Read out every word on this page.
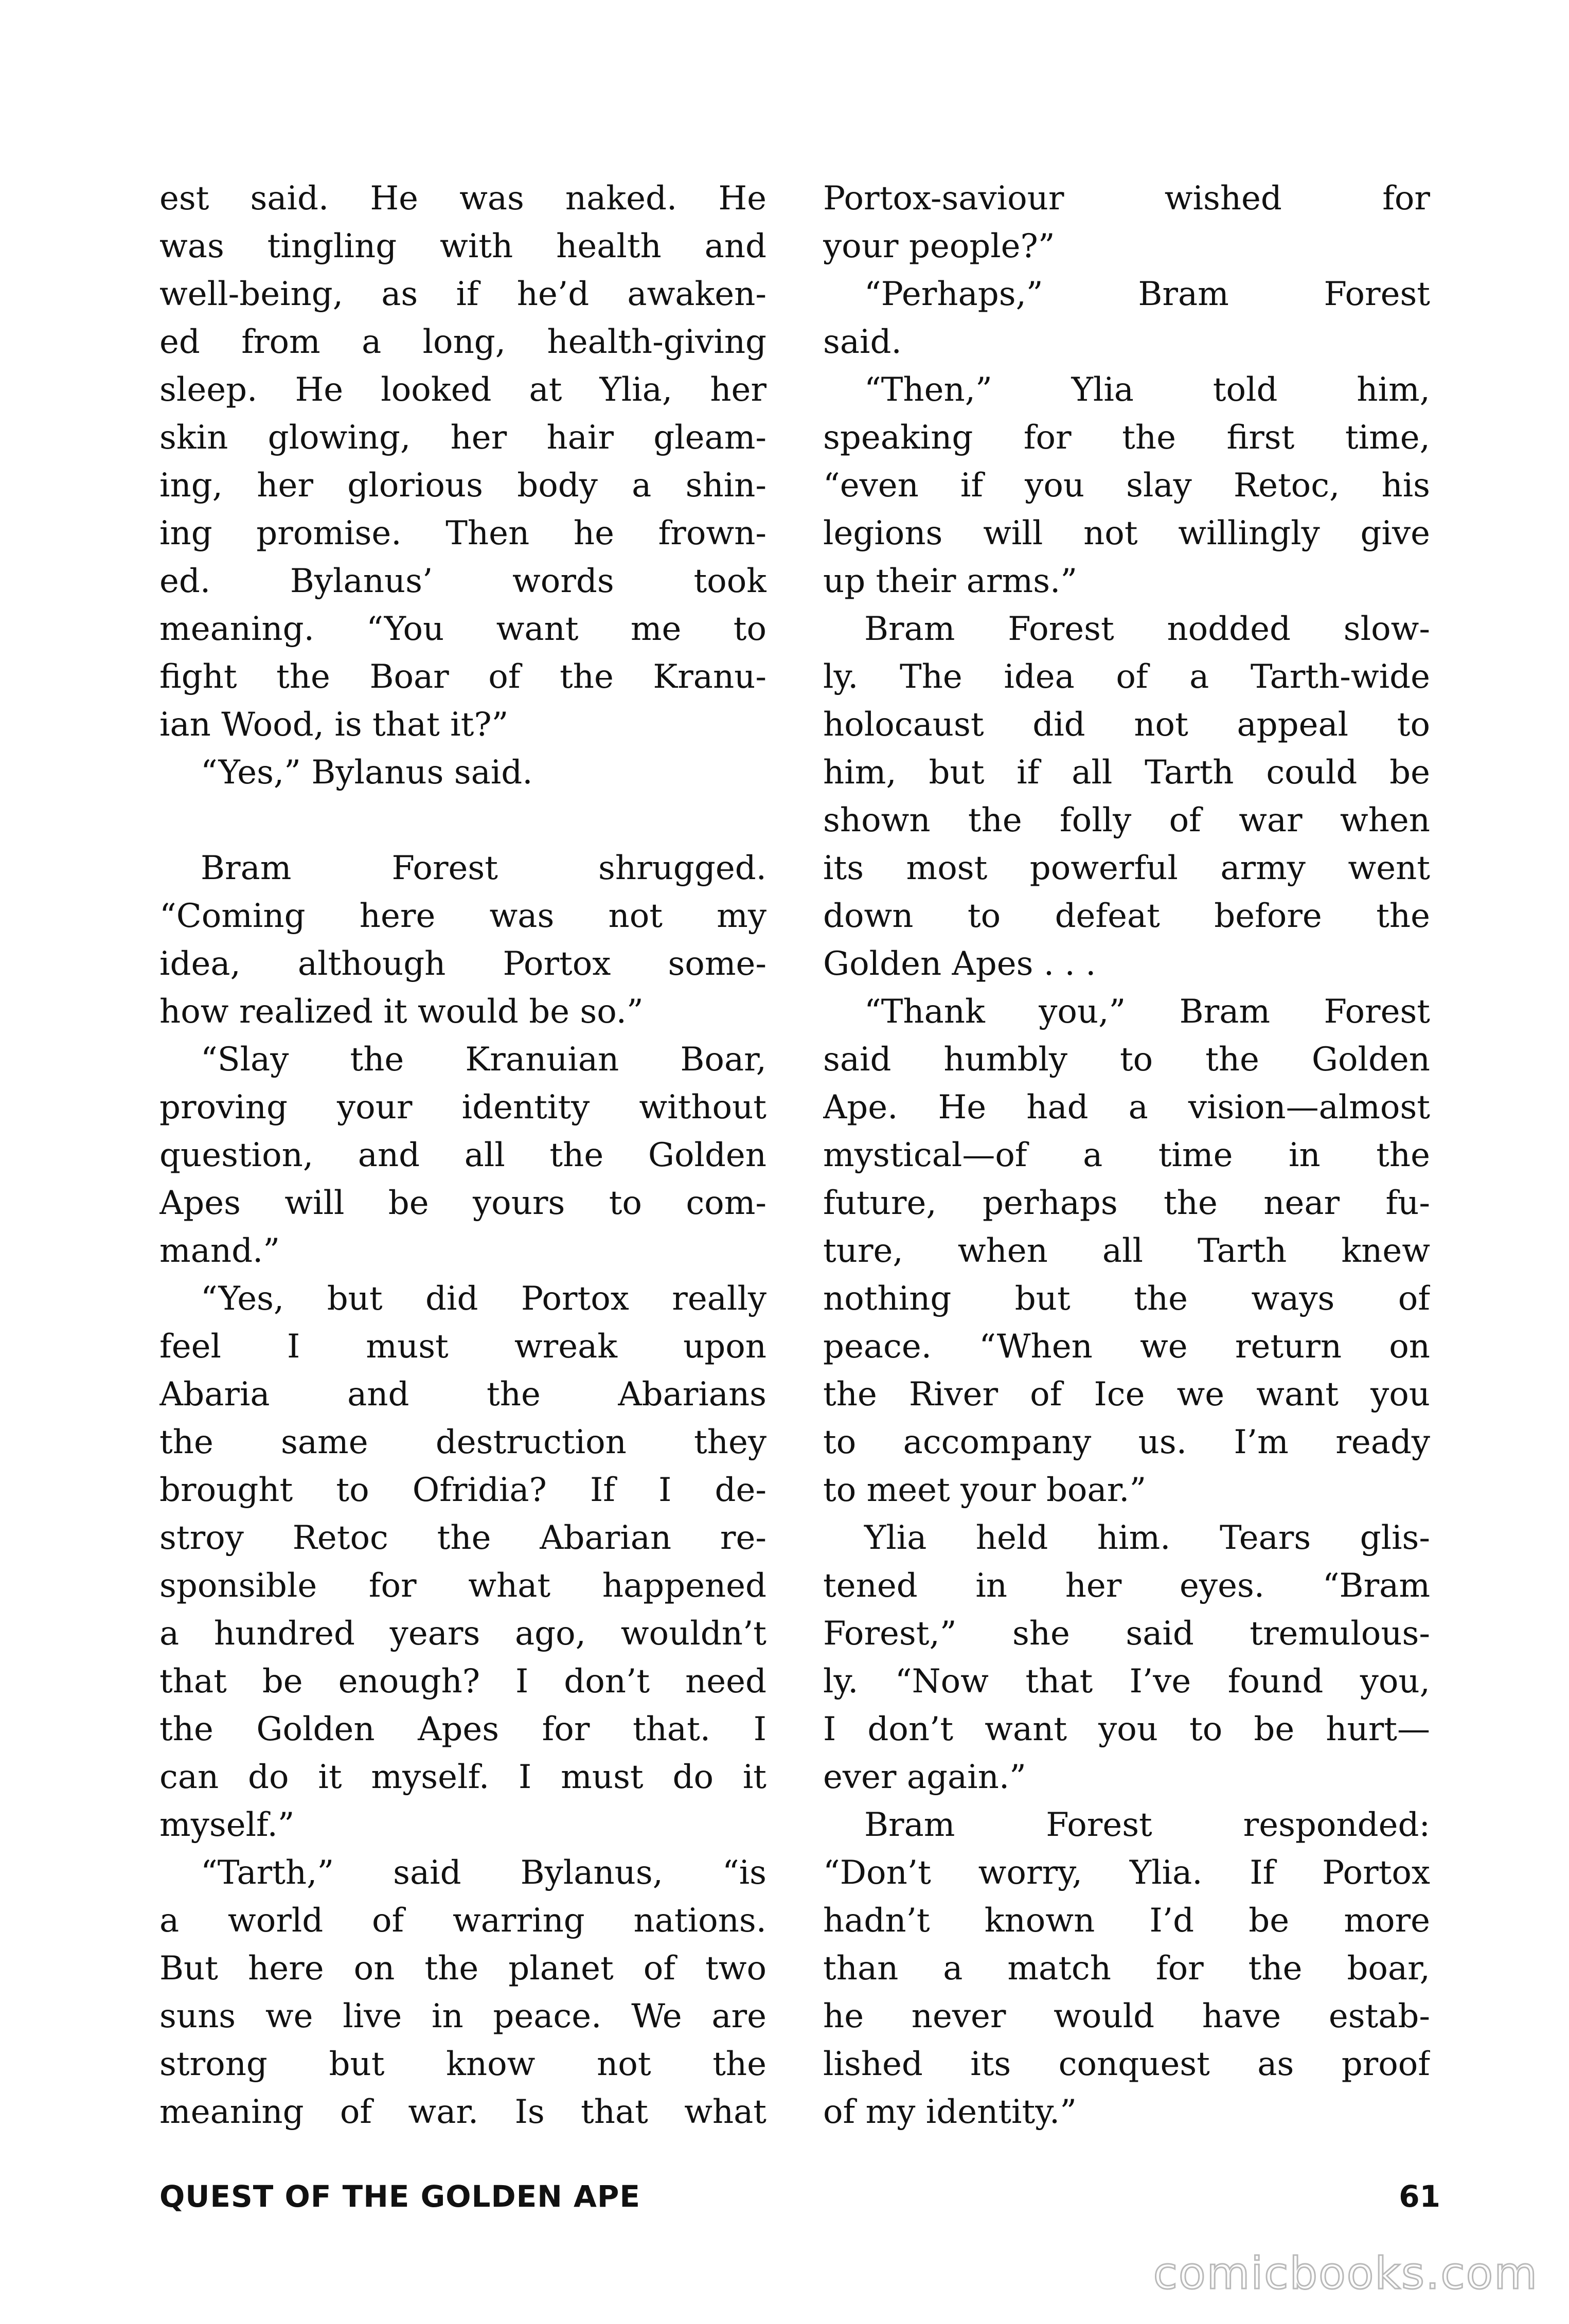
est said. He was naked. He
was tingling with health and
well-being, as if he’d awaken-
ed from a long, health-giving
sleep. He looked at Ylia, her
skin glowing, her hair gleam-
ing, her glorious body a shin-
ing promise. Then he frown-
ed. Bylanus’ words took
meaning. “You want me to
fight the Boar of the Kranu-
ian Wood, is that it?”
“Yes,” Bylanus said.
Bram Forest shrugged.
“Coming here was not my
idea, although Portox some-
how realized it would be so.”
“Slay the Kranuian Boar,
proving your identity without
question, and all the Golden
Apes will be yours to com-
mand.”
“Yes, but did Portox really
feel I must wreak upon
Abaria and the Abarians
the same destruction they
brought to Ofridia? If I de-
stroy Retoc the Abarian re-
sponsible for what happened
a hundred years ago, wouldn’t
that be enough? I don’t need
the Golden Apes for that. I
can do it myself. I must do it
myself.”
“Tarth,” said Bylanus, “is
a world of warring nations.
But here on the planet of two
suns we live in peace. We are
strong but know not the
meaning of war. Is that what
Portox-saviour wished for
your people?”
“Perhaps,” Bram Forest
said.
“Then,” Ylia told him,
speaking for the first time,
“even if you slay Retoc, his
legions will not willingly give
up their arms.”
Bram Forest nodded slow-
ly. The idea of a Tarth-wide
holocaust did not appeal to
him, but if all Tarth could be
shown the folly of war when
its most powerful army went
down to defeat before the
Golden Apes . . .
“Thank you,” Bram Forest
said humbly to the Golden
Ape. He had a vision—almost
mystical—of a time in the
future, perhaps the near fu-
ture, when all Tarth knew
nothing but the ways of
peace. “When we return on
the River of Ice we want you
to accompany us. I’m ready
to meet your boar.”
Ylia held him. Tears glis-
tened in her eyes. “Bram
Forest,” she said tremulous-
ly. “Now that I’ve found you,
I don’t want you to be hurt—
ever again.”
Bram Forest responded:
“Don’t worry, Ylia. If Portox
hadn’t known I’d be more
than a match for the boar,
he never would have estab-
lished its conquest as proof
of my identity.”
QUEST OF THE GOLDEN APE	61
comicbooks.com
